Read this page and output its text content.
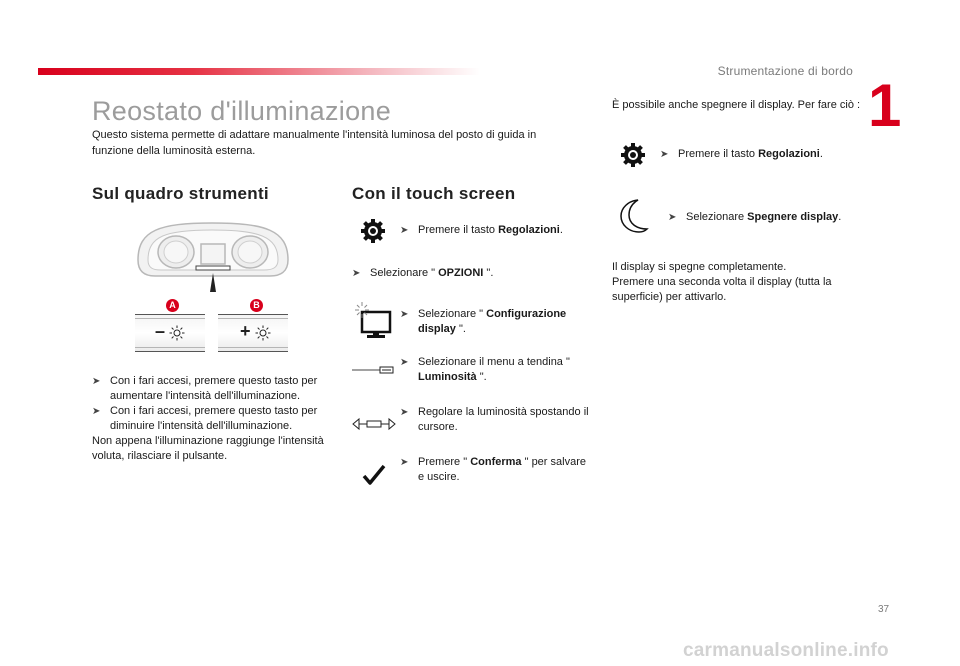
Strumentazione di bordo
1
Reostato d'illuminazione
Questo sistema permette di adattare manualmente l'intensità luminosa del posto di guida in funzione della luminosità esterna.
Sul quadro strumenti
A	B
–	+
➤ Con i fari accesi, premere questo tasto per aumentare l'intensità dell'illuminazione.
➤ Con i fari accesi, premere questo tasto per diminuire l'intensità dell'illuminazione.
Non appena l'illuminazione raggiunge l'intensità voluta, rilasciare il pulsante.
Con il touch screen
➤ Premere il tasto Regolazioni.
➤ Selezionare " OPZIONI ".
➤ Selezionare " Configurazione display ".
➤ Selezionare il menu a tendina " Luminosità ".
➤ Regolare la luminosità spostando il cursore.
➤ Premere " Conferma " per salvare e uscire.
È possibile anche spegnere il display. Per fare ciò :
➤ Premere il tasto Regolazioni.
➤ Selezionare Spegnere display.
Il display si spegne completamente.
Premere una seconda volta il display (tutta la superficie) per attivarlo.
37
carmanualsonline.info
